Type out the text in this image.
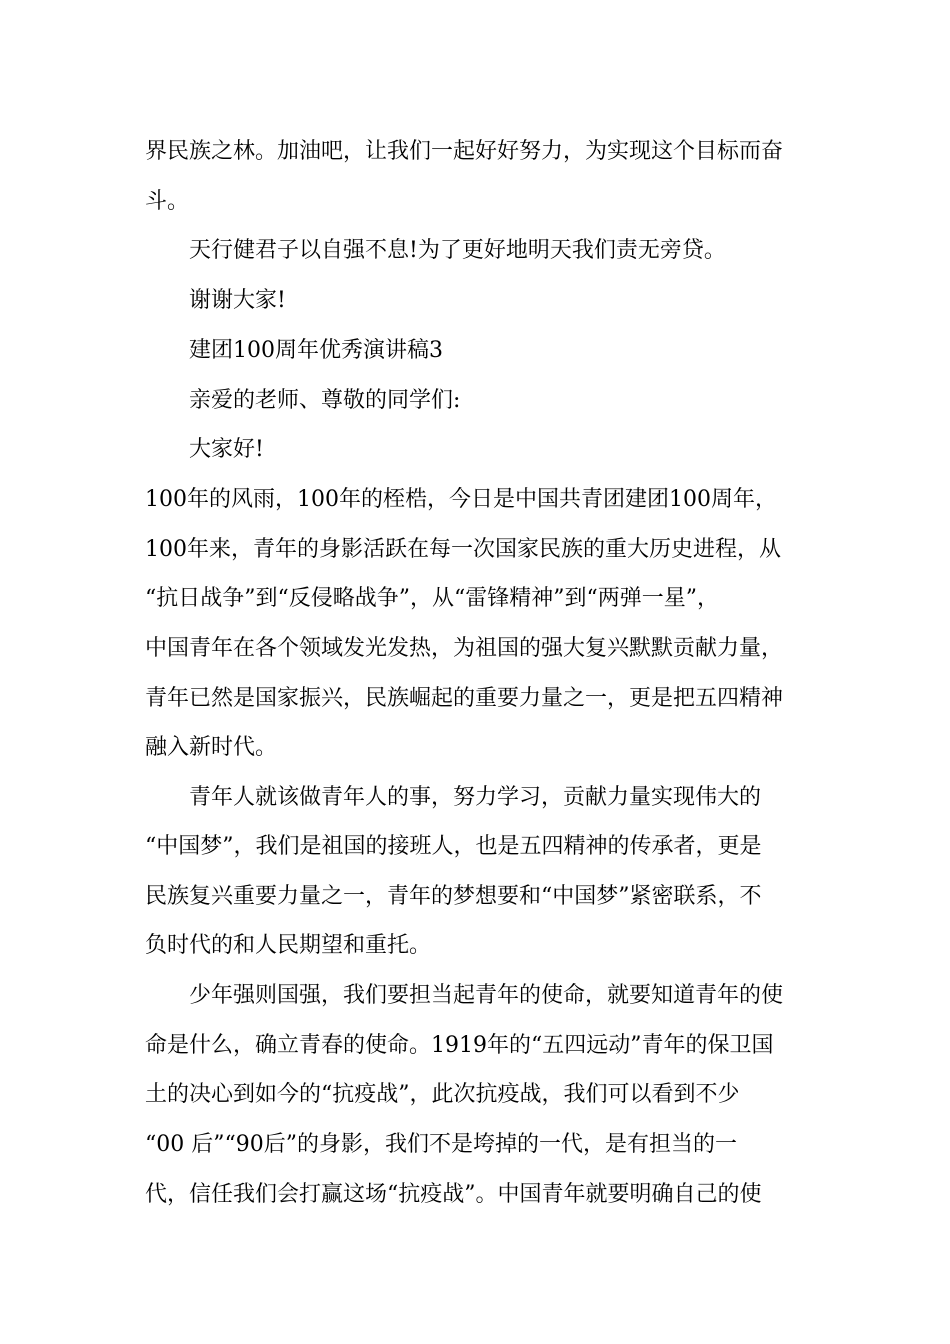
界民族之林。加油吧，让我们一起好好努力，为实现这个目标而奋
斗。
天行健君子以自强不息!为了更好地明天我们责无旁贷。
谢谢大家!
建团100周年优秀演讲稿3
亲爱的老师、尊敬的同学们:
大家好!
100年的风雨，100年的桎梏，今日是中国共青团建团100周年，
100年来，青年的身影活跃在每一次国家民族的重大历史进程，从
“抗日战争”到“反侵略战争”，从“雷锋精神”到“两弹一星”，
中国青年在各个领域发光发热，为祖国的强大复兴默默贡献力量，
青年已然是国家振兴，民族崛起的重要力量之一，更是把五四精神
融入新时代。
青年人就该做青年人的事，努力学习，贡献力量实现伟大的
“中国梦”，我们是祖国的接班人，也是五四精神的传承者，更是
民族复兴重要力量之一，青年的梦想要和“中国梦”紧密联系，不
负时代的和人民期望和重托。
少年强则国强，我们要担当起青年的使命，就要知道青年的使
命是什么，确立青春的使命。1919年的“五四远动”青年的保卫国
土的决心到如今的“抗疫战”，此次抗疫战，我们可以看到不少
“00 后”“90后”的身影，我们不是垮掉的一代，是有担当的一
代，信任我们会打赢这场“抗疫战”。中国青年就要明确自己的使
